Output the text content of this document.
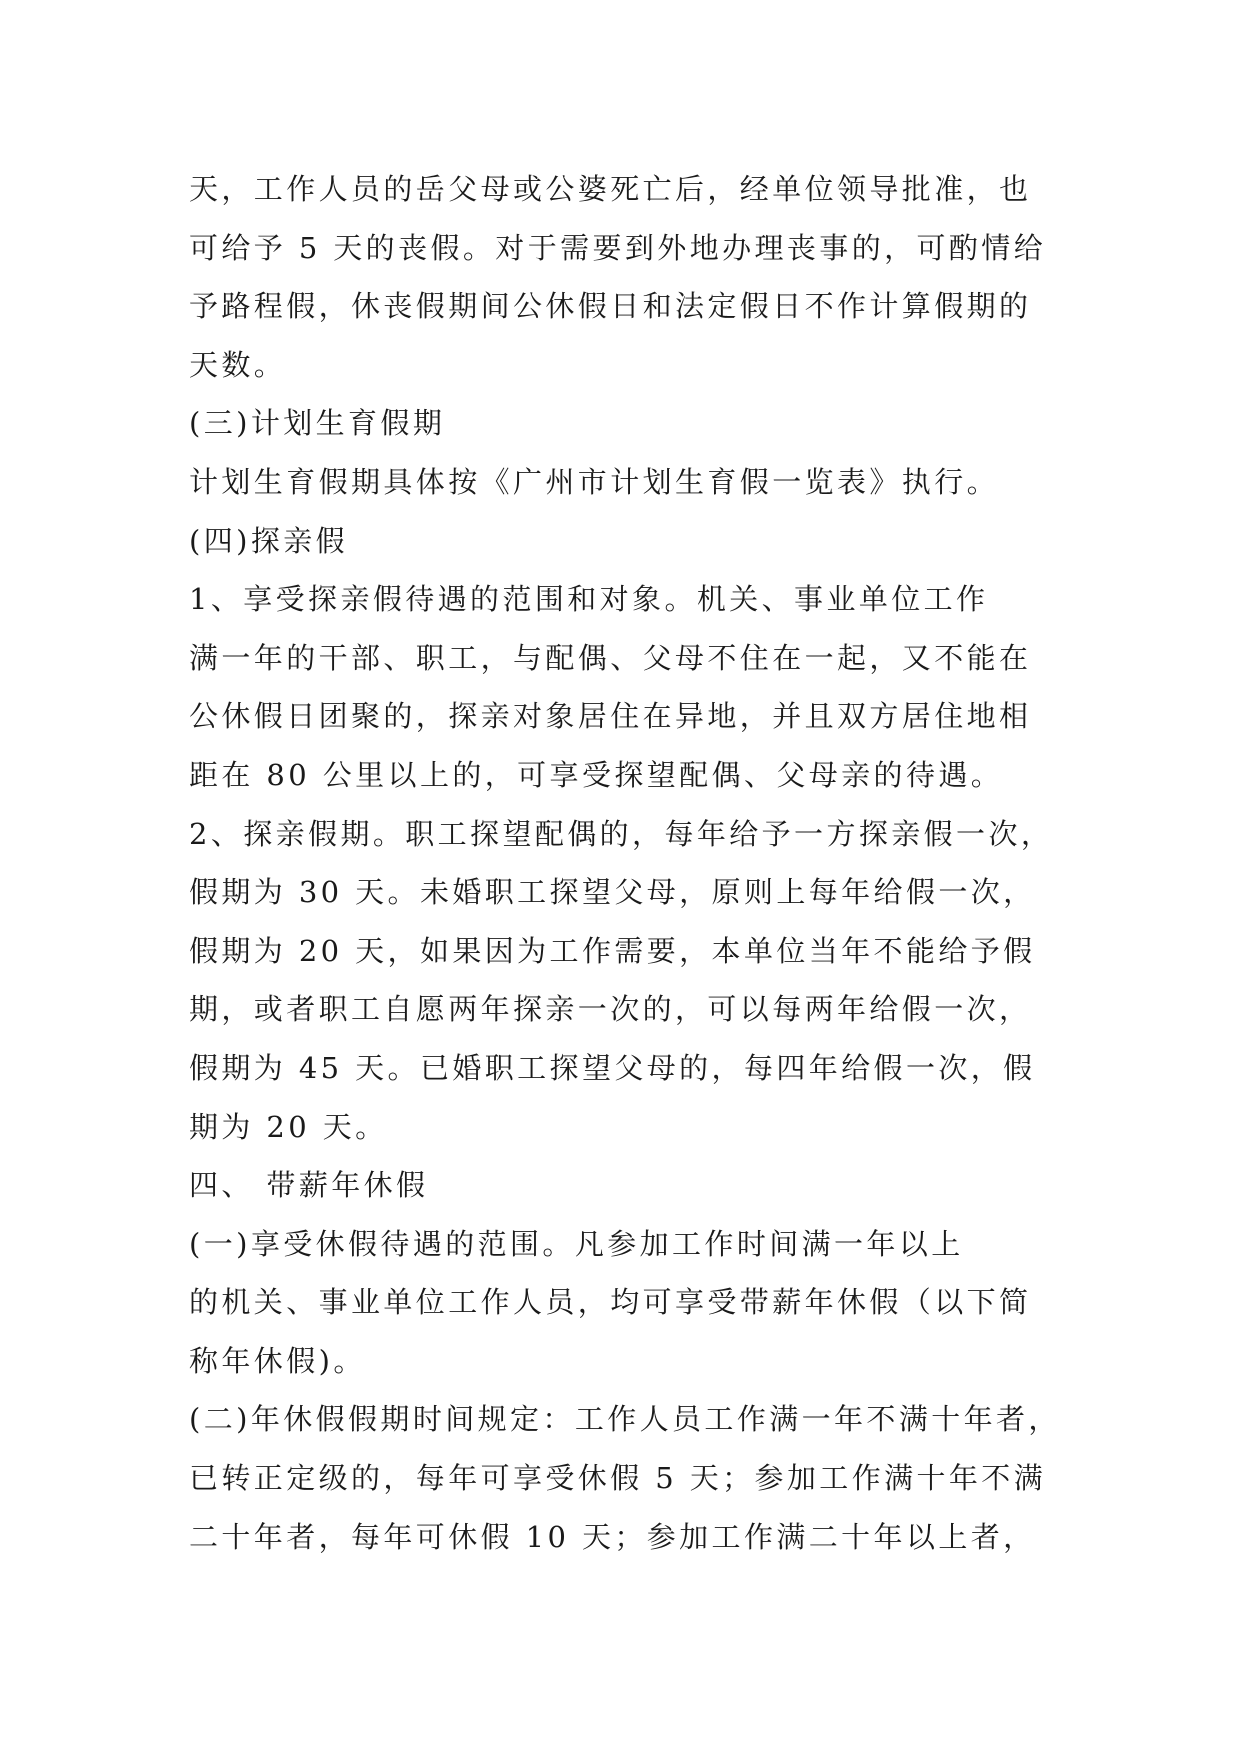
天，工作人员的岳父母或公婆死亡后，经单位领导批准，也
可给予 5 天的丧假。对于需要到外地办理丧事的，可酌情给
予路程假，休丧假期间公休假日和法定假日不作计算假期的
天数。
(三)计划生育假期
计划生育假期具体按《广州市计划生育假一览表》执行。
(四)探亲假
1、享受探亲假待遇的范围和对象。机关、事业单位工作
满一年的干部、职工，与配偶、父母不住在一起，又不能在
公休假日团聚的，探亲对象居住在异地，并且双方居住地相
距在 80 公里以上的，可享受探望配偶、父母亲的待遇。
2、探亲假期。职工探望配偶的，每年给予一方探亲假一次，
假期为 30 天。未婚职工探望父母，原则上每年给假一次，
假期为 20 天，如果因为工作需要，本单位当年不能给予假
期，或者职工自愿两年探亲一次的，可以每两年给假一次，
假期为 45 天。已婚职工探望父母的，每四年给假一次，假
期为 20 天。
四、 带薪年休假
(一)享受休假待遇的范围。凡参加工作时间满一年以上
的机关、事业单位工作人员，均可享受带薪年休假（以下简
称年休假)。
(二)年休假假期时间规定：工作人员工作满一年不满十年者，
已转正定级的，每年可享受休假 5 天；参加工作满十年不满
二十年者，每年可休假 10 天；参加工作满二十年以上者，
